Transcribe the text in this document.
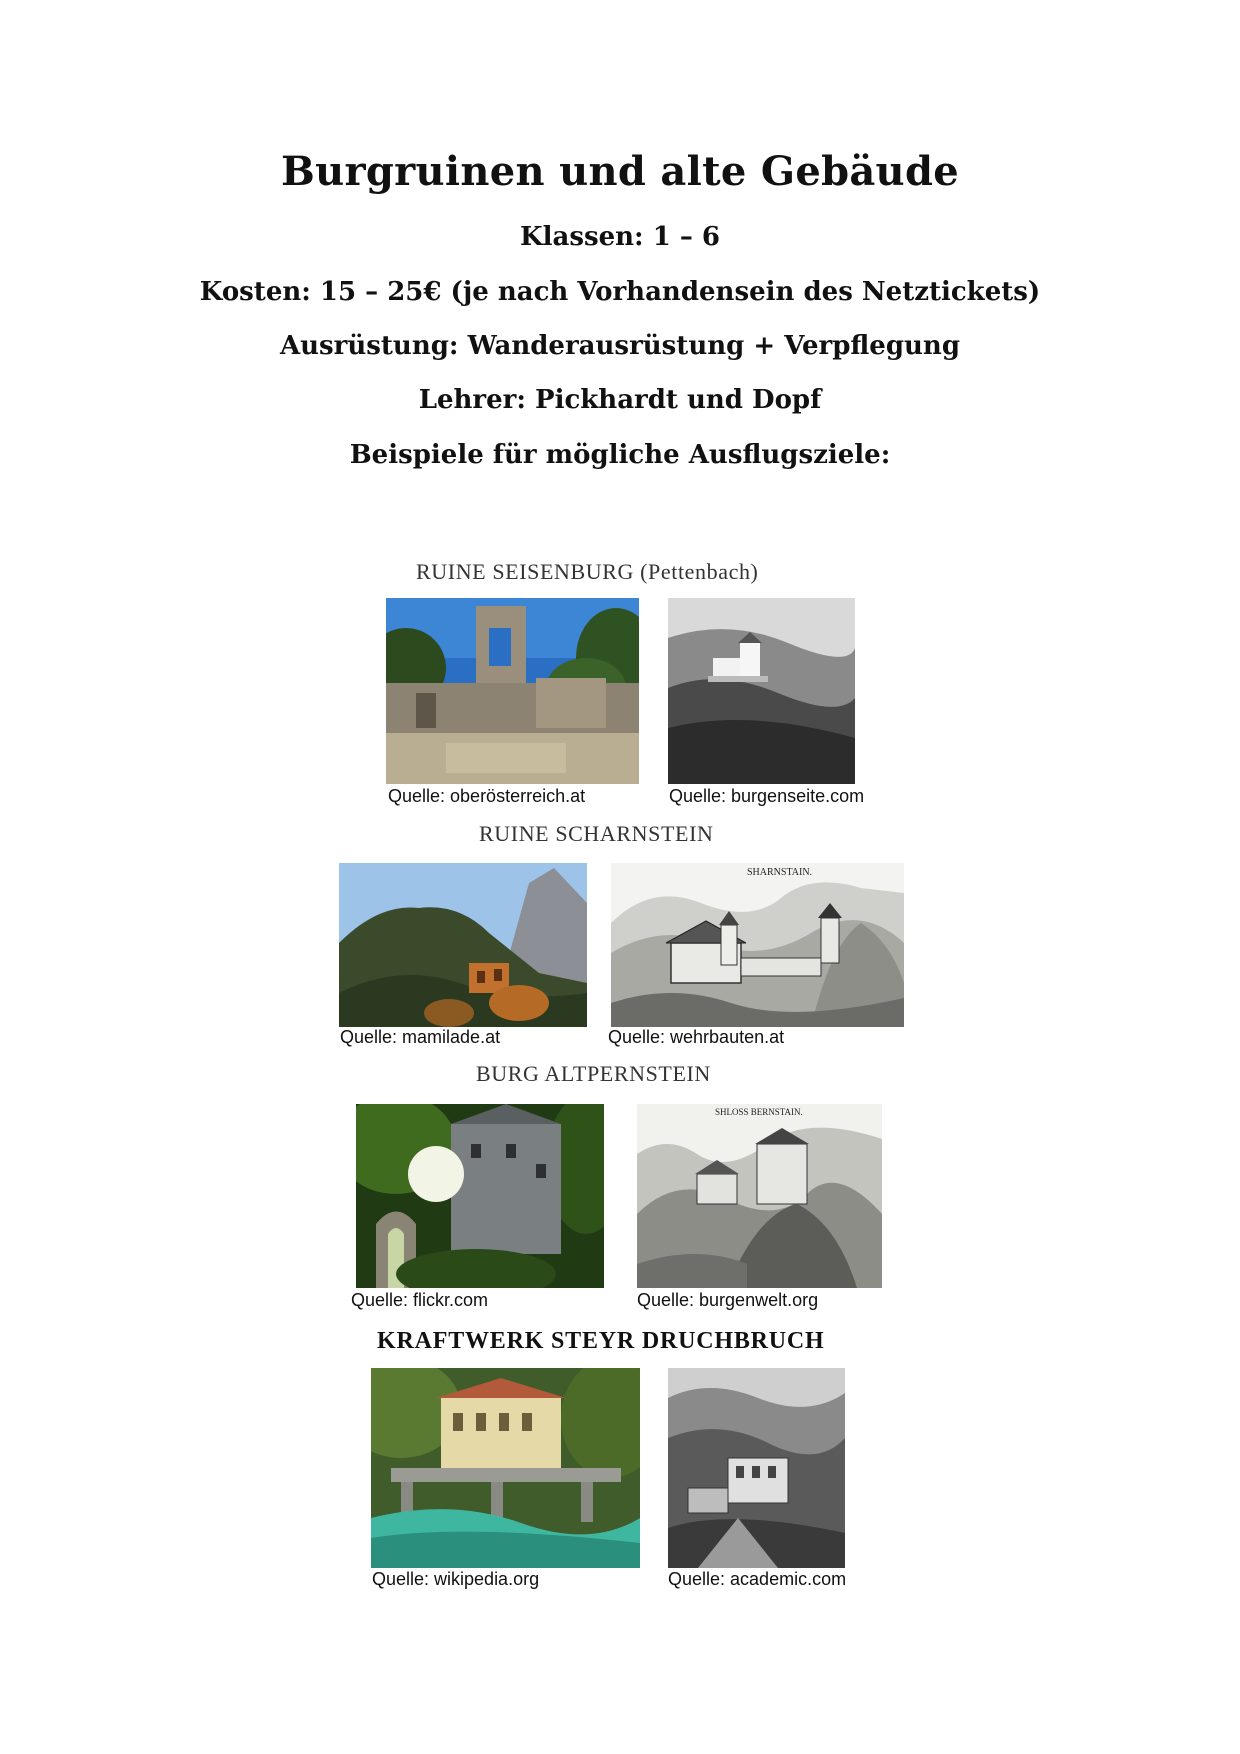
Burgruinen und alte Gebäude
Klassen: 1 – 6
Kosten: 15 – 25€ (je nach Vorhandensein des Netztickets)
Ausrüstung: Wanderausrüstung + Verpflegung
Lehrer: Pickhardt und Dopf
Beispiele für mögliche Ausflugsziele:
RUINE SEISENBURG (Pettenbach)
Quelle: oberösterreich.at	Quelle: burgenseite.com
RUINE SCHARNSTEIN
Quelle: mamilade.at
SHARNSTAIN.
Quelle: wehrbauten.at
BURG ALTPERNSTEIN
Quelle: flickr.com
SHLOSS BERNSTAIN.
Quelle: burgenwelt.org
KRAFTWERK STEYR DRUCHBRUCH
Quelle: wikipedia.org	Quelle: academic.com
